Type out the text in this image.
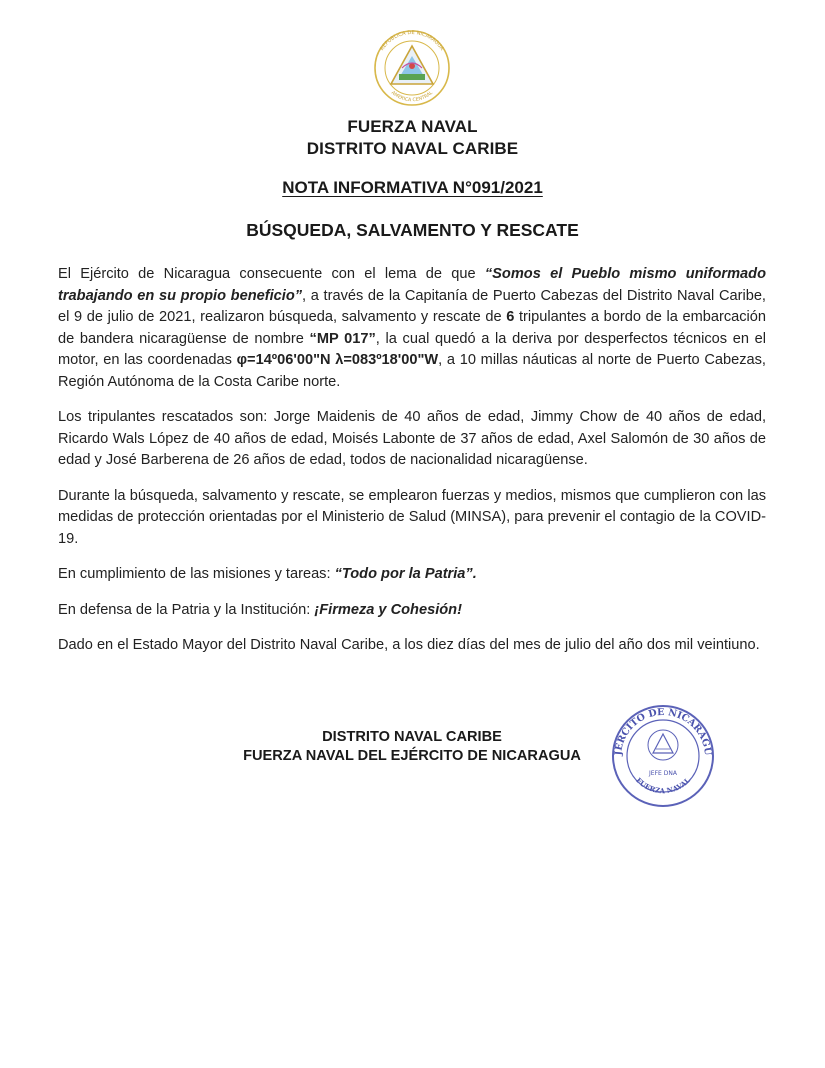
REPUBLICA DE NICARAGUA
AMERICA CENTRAL
FUERZA NAVAL
DISTRITO NAVAL CARIBE
NOTA INFORMATIVA N°091/2021
BÚSQUEDA, SALVAMENTO Y RESCATE

El Ejército de Nicaragua consecuente con el lema de que “Somos el Pueblo mismo uniformado trabajando en su propio beneficio”, a través de la Capitanía de Puerto Cabezas del Distrito Naval Caribe, el 9 de julio de 2021, realizaron búsqueda, salvamento y rescate de 6 tripulantes a bordo de la embarcación de bandera nicaragüense de nombre “MP 017”, la cual quedó a la deriva por desperfectos técnicos en el motor, en las coordenadas φ=14º06'00"N λ=083º18'00"W, a 10 millas náuticas al norte de Puerto Cabezas, Región Autónoma de la Costa Caribe norte.

Los tripulantes rescatados son: Jorge Maidenis de 40 años de edad, Jimmy Chow de 40 años de edad, Ricardo Wals López de 40 años de edad, Moisés Labonte de 37 años de edad, Axel Salomón de 30 años de edad y José Barberena de 26 años de edad, todos de nacionalidad nicaragüense.

Durante la búsqueda, salvamento y rescate, se emplearon fuerzas y medios, mismos que cumplieron con las medidas de protección orientadas por el Ministerio de Salud (MINSA), para prevenir el contagio de la COVID-19.

En cumplimiento de las misiones y tareas: “Todo por la Patria”.

En defensa de la Patria y la Institución: ¡Firmeza y Cohesión!

Dado en el Estado Mayor del Distrito Naval Caribe, a los diez días del mes de julio del año dos mil veintiuno.

DISTRITO NAVAL CARIBE
FUERZA NAVAL DEL EJÉRCITO DE NICARAGUA	JÉRCITO DE NICARAGU
FUERZA NAVAL
JEFE DNA
